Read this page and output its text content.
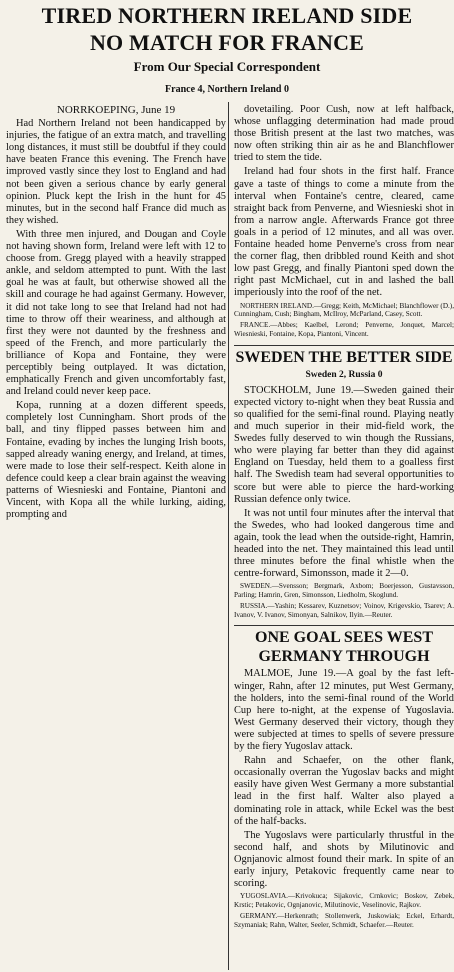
TIRED NORTHERN IRELAND SIDE
NO MATCH FOR FRANCE
From Our Special Correspondent
France 4, Northern Ireland 0

NORRKOEPING, June 19

Had Northern Ireland not been handicapped by injuries, the fatigue of an extra match, and travelling long distances, it must still be doubtful if they could have beaten France this evening. The French have improved vastly since they lost to England and had not been given a serious chance by early general opinion. Pluck kept the Irish in the hunt for 45 minutes, but in the second half France did much as they wished.

With three men injured, and Dougan and Coyle not having shown form, Ireland were left with 12 to choose from. Gregg played with a heavily strapped ankle, and seldom attempted to punt. With the last goal he was at fault, but otherwise showed all the skill and courage he had against Germany. However, it did not take long to see that Ireland had not had time to throw off their weariness, and although at first they were not daunted by the freshness and speed of the French, and more particularly the brilliance of Kopa and Fontaine, they were perceptibly being outplayed. It was dictation, emphatically French and given uncomfortably fast, and Ireland could never keep pace.

Kopa, running at a dozen different speeds, completely lost Cunningham. Short prods of the ball, and tiny flipped passes between him and Fontaine, evading by inches the lunging Irish boots, sapped already waning energy, and Ireland, at times, were made to lose their self-respect. Keith alone in defence could keep a clear brain against the weaving patterns of Wiesnieski and Fontaine, Piantoni and Vincent, with Kopa all the while lurking, aiding, prompting and

dovetailing. Poor Cush, now at left halfback, whose unflagging determination had made proud those British present at the last two matches, was now often striking thin air as he and Blanchflower tried to stem the tide.

Ireland had four shots in the first half. France gave a taste of things to come a minute from the interval when Fontaine's centre, cleared, came straight back from Penverne, and Wiesnieski shot in from a narrow angle. Afterwards France got three goals in a period of 12 minutes, and all was over. Fontaine headed home Penverne's cross from near the corner flag, then dribbled round Keith and shot low past Gregg, and finally Piantoni sped down the right past McMichael, cut in and lashed the ball imperiously into the roof of the net.

NORTHERN IRELAND.—Gregg; Keith, McMichael; Blanchflower (D.), Cunningham, Cush; Bingham, McIlroy, McParland, Casey, Scott.

FRANCE.—Abbes; Kaelbel, Lerond; Penverne, Jonquet, Marcel; Wiesnieski, Fontaine, Kopa, Piantoni, Vincent.

SWEDEN THE BETTER SIDE

Sweden 2, Russia 0

STOCKHOLM, June 19.—Sweden gained their expected victory to-night when they beat Russia and so qualified for the semi-final round. Playing neatly and much superior in their mid-field work, the Swedes fully deserved to win though the Russians, who were playing far better than they did against England on Tuesday, held them to a goalless first half. The Swedish team had several opportunities to score but were able to pierce the hard-working Russian defence only twice.

It was not until four minutes after the interval that the Swedes, who had looked dangerous time and again, took the lead when the outside-right, Hamrin, headed into the net. They maintained this lead until three minutes before the final whistle when the centre-forward, Simonsson, made it 2—0.

SWEDEN.—Svensson; Bergmark, Axbom; Boerjesson, Gustavsson, Parling; Hamrin, Gren, Simonsson, Liedholm, Skoglund.

RUSSIA.—Yashin; Kessarev, Kuznetsov; Voinov, Krigevskio, Tsarev; A. Ivanov, V. Ivanov, Simonyan, Salnikov, Ilyin.—Reuter.

ONE GOAL SEES WEST GERMANY THROUGH

MALMOE, June 19.—A goal by the fast left-winger, Rahn, after 12 minutes, put West Germany, the holders, into the semi-final round of the World Cup here to-night, at the expense of Yugoslavia. West Germany deserved their victory, though they were subjected at times to spells of severe pressure by the fiery Yugoslav attack.

Rahn and Schaefer, on the other flank, occasionally overran the Yugoslav backs and might easily have given West Germany a more substantial lead in the first half. Walter also played a dominating role in attack, while Eckel was the best of the half-backs.

The Yugoslavs were particularly thrustful in the second half, and shots by Milutinovic and Ognjanovic almost found their mark. In spite of an early injury, Petakovic frequently came near to scoring.

YUGOSLAVIA.—Krivokuca; Sijakovic, Crnkovic; Boskov, Zebek, Krstic; Petakovic, Ognjanovic, Milutinovic, Veselinovic, Rajkov.

GERMANY.—Herkenrath; Stollenwerk, Juskowiak; Eckel, Erhardt, Szymaniak; Rahn, Walter, Seeler, Schmidt, Schaefer.—Reuter.
